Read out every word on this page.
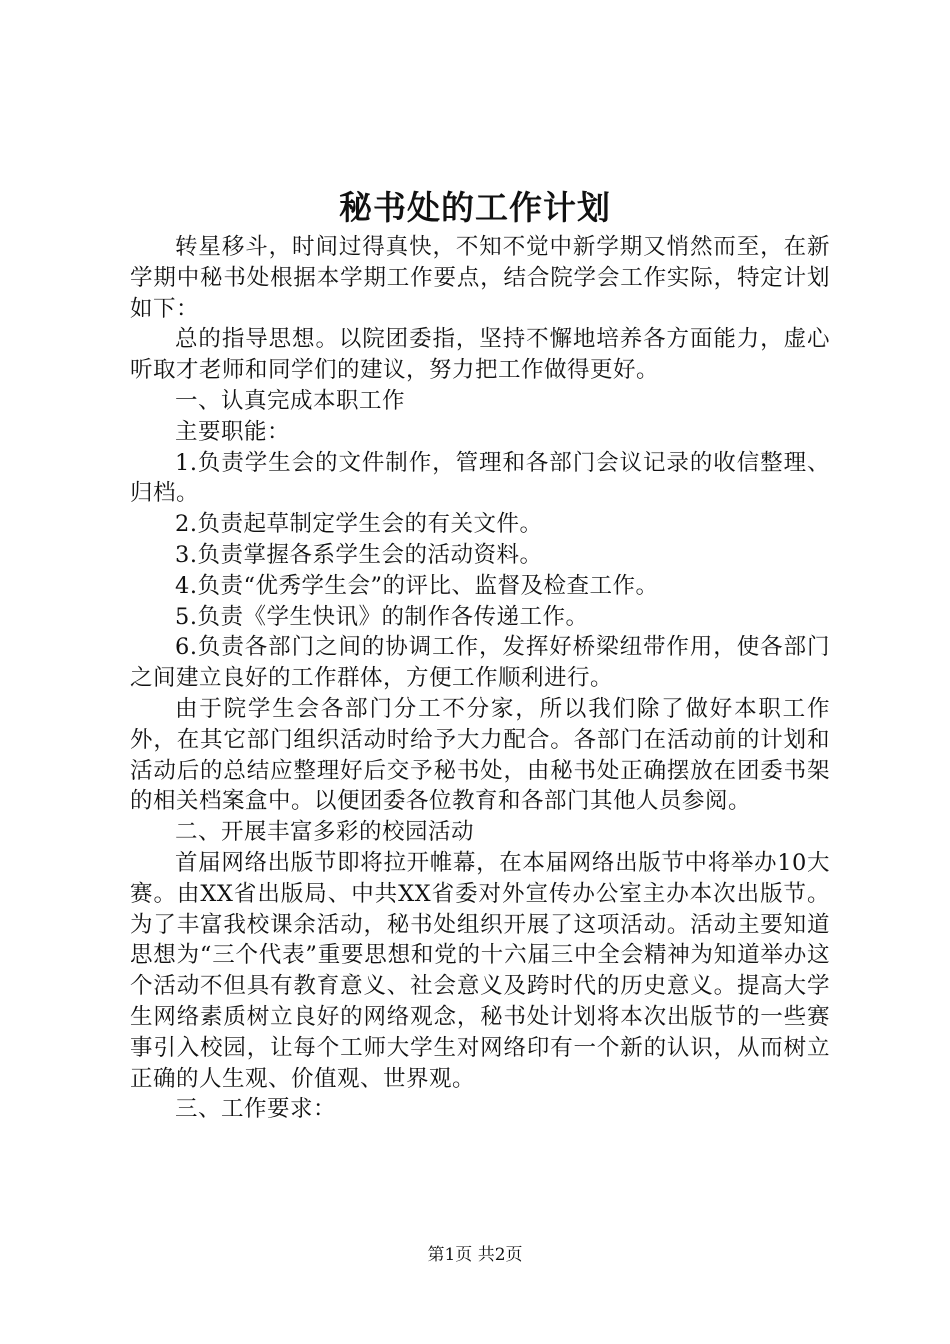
秘书处的工作计划

转星移斗，时间过得真快，不知不觉中新学期又悄然而至，在新学期中秘书处根据本学期工作要点，结合院学会工作实际，特定计划如下：

总的指导思想。以院团委指，坚持不懈地培养各方面能力，虚心听取才老师和同学们的建议，努力把工作做得更好。

一、认真完成本职工作

主要职能：

1.负责学生会的文件制作，管理和各部门会议记录的收信整理、归档。

2.负责起草制定学生会的有关文件。

3.负责掌握各系学生会的活动资料。

4.负责“优秀学生会”的评比、监督及检查工作。

5.负责《学生快讯》的制作各传递工作。

6.负责各部门之间的协调工作，发挥好桥梁纽带作用，使各部门之间建立良好的工作群体，方便工作顺利进行。

由于院学生会各部门分工不分家，所以我们除了做好本职工作外，在其它部门组织活动时给予大力配合。各部门在活动前的计划和活动后的总结应整理好后交予秘书处，由秘书处正确摆放在团委书架的相关档案盒中。以便团委各位教育和各部门其他人员参阅。

二、开展丰富多彩的校园活动

首届网络出版节即将拉开帷幕，在本届网络出版节中将举办10大赛。由XX省出版局、中共XX省委对外宣传办公室主办本次出版节。为了丰富我校课余活动，秘书处组织开展了这项活动。活动主要知道思想为“三个代表”重要思想和党的十六届三中全会精神为知道举办这个活动不但具有教育意义、社会意义及跨时代的历史意义。提高大学生网络素质树立良好的网络观念，秘书处计划将本次出版节的一些赛事引入校园，让每个工师大学生对网络印有一个新的认识，从而树立正确的人生观、价值观、世界观。

三、工作要求：

第1页 共2页
